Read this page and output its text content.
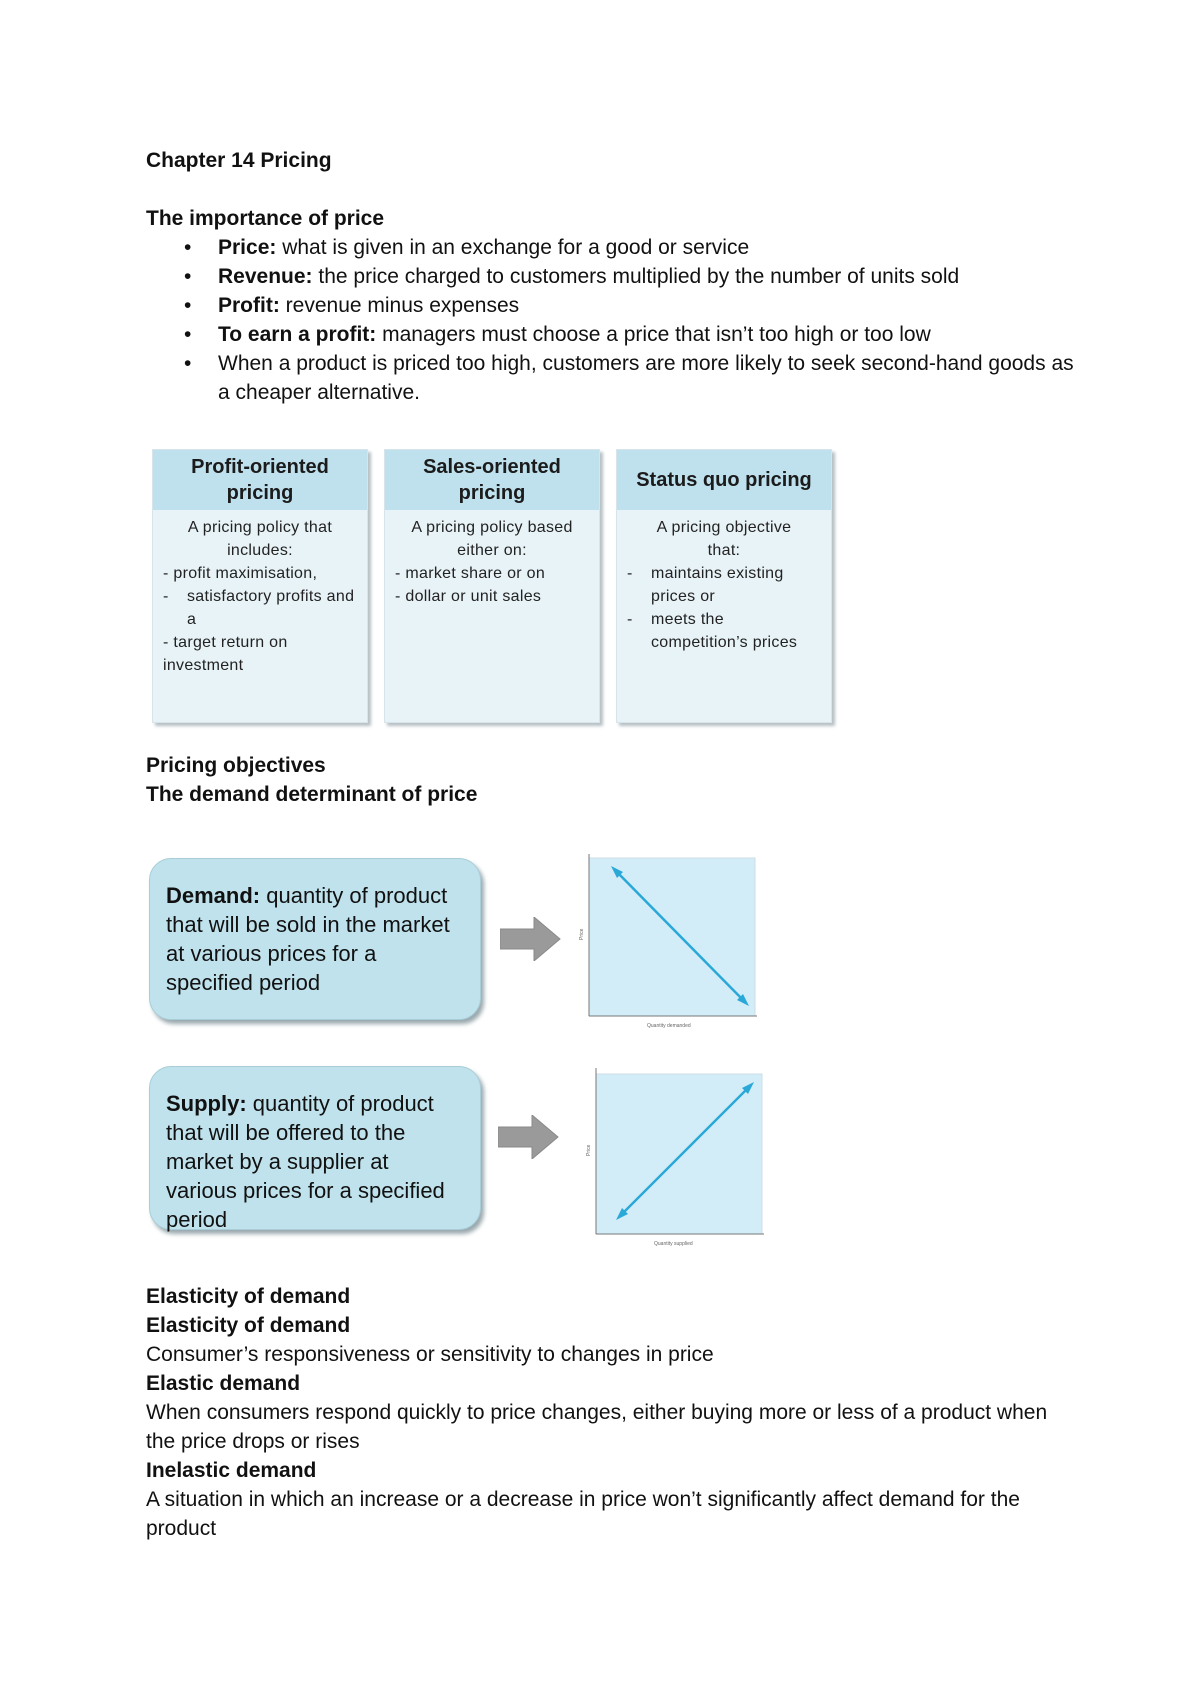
Chapter 14 Pricing
The importance of price
• Price: what is given in an exchange for a good or service
• Revenue: the price charged to customers multiplied by the number of units sold
• Profit: revenue minus expenses
• To earn a profit: managers must choose a price that isn’t too high or too low
• When a product is priced too high, customers are more likely to seek second-hand goods as a cheaper alternative.
Profit-oriented pricing
A pricing policy that includes:
- profit maximisation,
-	satisfactory profits and a
- target return on investment
Sales-oriented pricing
A pricing policy based either on:
- market share or on
- dollar or unit sales
Status quo pricing
A pricing objective that:
-	maintains existing prices or
-	meets the competition’s prices
Pricing objectives
The demand determinant of price
Demand: quantity of product that will be sold in the market at various prices for a specified period
Price
Quantity demanded
Supply: quantity of product that will be offered to the market by a supplier at various prices for a specified period
Price
Quantity supplied
Elasticity of demand
Elasticity of demand
Consumer’s responsiveness or sensitivity to changes in price
Elastic demand
When consumers respond quickly to price changes, either buying more or less of a product when the price drops or rises
Inelastic demand
A situation in which an increase or a decrease in price won’t significantly affect demand for the product
